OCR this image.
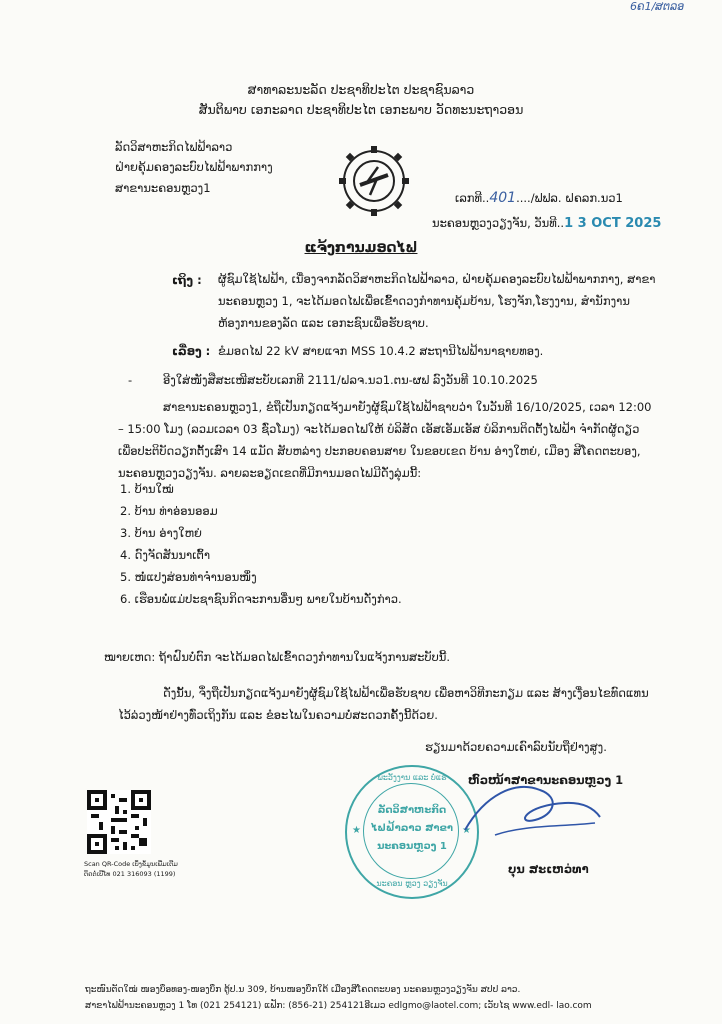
6ຄ1/ສຕລອ
ສາທາລະນະລັດ ປະຊາທິປະໄຕ ປະຊາຊົນລາວ
ສັນຕິພາບ ເອກະລາດ ປະຊາທິປະໄຕ ເອກະພາບ ວັດທະນະຖາວອນ
ລັດວິສາຫະກິດໄຟຟ້າລາວ
ຝ່າຍຄຸ້ມຄອງລະບົບໄຟຟ້າພາກກາງ
ສາຂານະຄອນຫຼວງ1
ເລກທີ..401..../ຟຟລ. ຝຄລກ.ນວ1
ນະຄອນຫຼວງວຽງຈັນ, ວັນທີ..1 3 OCT 2025
ແຈ້ງການມອດໄຟ
ເຖິງ : ຜູ້ຊົມໃຊ້ໄຟຟ້າ, ເນື່ອງຈາກລັດວິສາຫະກິດໄຟຟ້າລາວ, ຝ່າຍຄຸ້ມຄອງລະບົບໄຟຟ້າພາກກາງ, ສາຂານະຄອນຫຼວງ 1, ຈະໄດ້ມອດໄຟເພື່ອເຂົ້າດວງກຳທານຄຸ້ມບ້ານ, ໂຮງຈັກ,ໂຮງງານ, ສຳນັກງານຫ້ອງການຂອງລັດ ແລະ ເອກະຊົນເພື່ອຮັບຊາບ.
ເລື່ອງ : ຂໍມອດໄຟ 22 kV ສາຍແຈກ MSS 10.4.2 ສະຖານີໄຟຟ້ານາຊາຍທອງ.
-	ອີງໃສ່ໜັງສືສະເໜີສະບັບເລກທີ 2111/ຝລຈ.ນວ1.ຕນ-ຜຟ ລົງວັນທີ 10.10.2025
ສາຂານະຄອນຫຼວງ1, ຂໍຖືເປັນກຽດແຈ້ງມາຍັງຜູ້ຊົມໃຊ້ໄຟຟ້າຊາບວ່າ ໃນວັນທີ 16/10/2025, ເວລາ 12:00 – 15:00 ໂມງ (ລວມເວລາ 03 ຊົ່ວໂມງ) ຈະໄດ້ມອດໄຟໃຫ້ ບໍລິສັດ ເອັສເອັມເອັສ ບໍລິການຕິດຕັ້ງໄຟຟ້າ ຈຳກັດຜູ້ດຽວ ເພື່ອປະຕິບັດວຽກຕັ້ງເສົາ 14 ແມັດ ສັບຫລ່າງ ປະກອບຄອນສາຍ ໃນຂອບເຂດ ບ້ານ ອ່າງໃຫຍ່, ເມືອງ ສີໂຄດຕະບອງ, ນະຄອນຫຼວງວຽງຈັນ. ລາຍລະອຽດເຂດທີ່ມີການມອດໄຟມີດັ່ງລຸ່ມນີ້:
1. ບ້ານໃໝ່
2. ບ້ານ ທ່າອ່ອນອອມ
3. ບ້ານ ອ່າງໃຫຍ່
4. ດົງຈັດສັນນາເຕົ້າ
5. ໜໍ່ແປງສ່ອນທ່າຈຳນອນໜຶ່ງ
6. ເຮືອນພໍ່ແມ່ປະຊາຊົນກິດຈະການອື່ນໆ ພາຍໃນບ້ານດັ່ງກ່າວ.
ໝາຍເຫດ: ຖ້າຝົນບໍ່ຕົກ ຈະໄດ້ມອດໄຟເຂົ້າດວງກຳທານໃນແຈ້ງການສະບັບນີ້.
ດັ່ງນັ້ນ, ຈຶ່ງຖືເປັນກຽດແຈ້ງມາຍັງຜູ້ຊົມໃຊ້ໄຟຟ້າເພື່ອຮັບຊາບ ເພື່ອຫາວິທີກະກຽມ ແລະ ສ້າງເງື່ອນໄຂທົດແທນໄວ້ລ່ວງໜ້າຢ່າງທົ່ວເຖິງກັນ ແລະ ຂໍອະໄພໃນຄວາມບໍ່ສະດວກຄັ້ງນີ້ດ້ວຍ.
ຮຽນມາດ້ວຍຄວາມເຄົາລົບນັບຖືຢ່າງສູງ.
ຫົວໜ້າສາຂານະຄອນຫຼວງ 1
ພະວັງງານ ແລະ ບໍ່ແຮ່
ລັດວິສາຫະກິດ
ໄຟຟ້າລາວ ສາຂາ
ນະຄອນຫຼວງ 1
ນະຄອນ ຫຼວງ ວຽງຈັນ
★	★
ບຸນ ສະເຫວ່ທາ
Scan QR-Code ເບິ່ງຂໍ້ມູນເພີ່ມເຕີມ
ຕິດຕໍ່ເບີໂທ 021 316093 (1199)
ຖະໜົນຕັດໃໝ່ ໜອງບຶອທອງ-ໜອງບຶກ ຕູ້ປ.ນ 309, ບ້ານໜອງບຶກໃຕ້ ເມືອງສີໂຄດຕະບອງ ນະຄອນຫຼວງວຽງຈັນ ສປປ ລາວ.
ສາຂາໄຟຟ້ານະຄອນຫຼວງ 1 ໂທ (021 254121) ແຟັກ: (856-21) 254121ອີເມວ edlgmo@laotel.com; ເວັບໄຊ www.edl- lao.com
